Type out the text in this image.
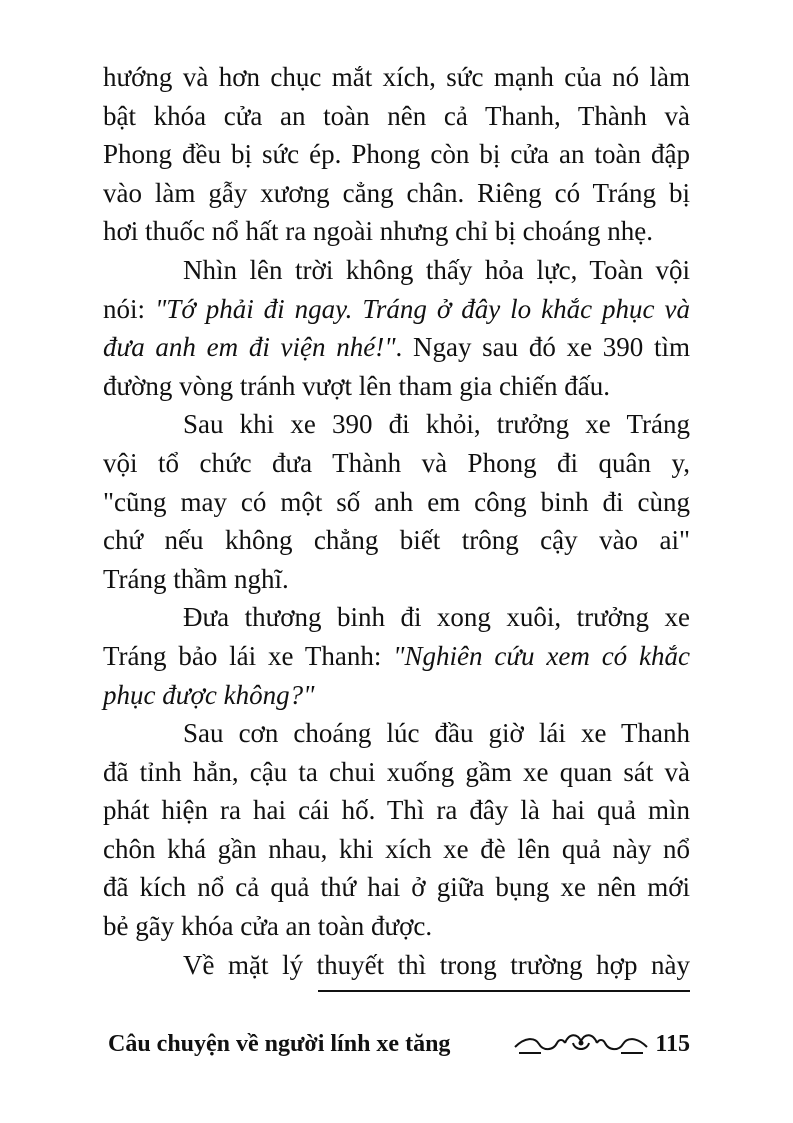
hướng và hơn chục mắt xích, sức mạnh của nó làm
bật khóa cửa an toàn nên cả Thanh, Thành và
Phong đều bị sức ép. Phong còn bị cửa an toàn đập
vào làm gẫy xương cẳng chân. Riêng có Tráng bị
hơi thuốc nổ hất ra ngoài nhưng chỉ bị choáng nhẹ.
Nhìn lên trời không thấy hỏa lực, Toàn vội
nói: "Tớ phải đi ngay. Tráng ở đây lo khắc phục và
đưa anh em đi viện nhé!". Ngay sau đó xe 390 tìm
đường vòng tránh vượt lên tham gia chiến đấu.
Sau khi xe 390 đi khỏi, trưởng xe Tráng
vội tổ chức đưa Thành và Phong đi quân y,
"cũng may có một số anh em công binh đi cùng
chứ nếu không chẳng biết trông cậy vào ai"
Tráng thầm nghĩ.
Đưa thương binh đi xong xuôi, trưởng xe
Tráng bảo lái xe Thanh: "Nghiên cứu xem có khắc
phục được không?"
Sau cơn choáng lúc đầu giờ lái xe Thanh
đã tỉnh hẳn, cậu ta chui xuống gầm xe quan sát và
phát hiện ra hai cái hố. Thì ra đây là hai quả mìn
chôn khá gần nhau, khi xích xe đè lên quả này nổ
đã kích nổ cả quả thứ hai ở giữa bụng xe nên mới
bẻ gãy khóa cửa an toàn được.
Về mặt lý thuyết thì trong trường hợp này
Câu chuyện về người lính xe tăng	115
